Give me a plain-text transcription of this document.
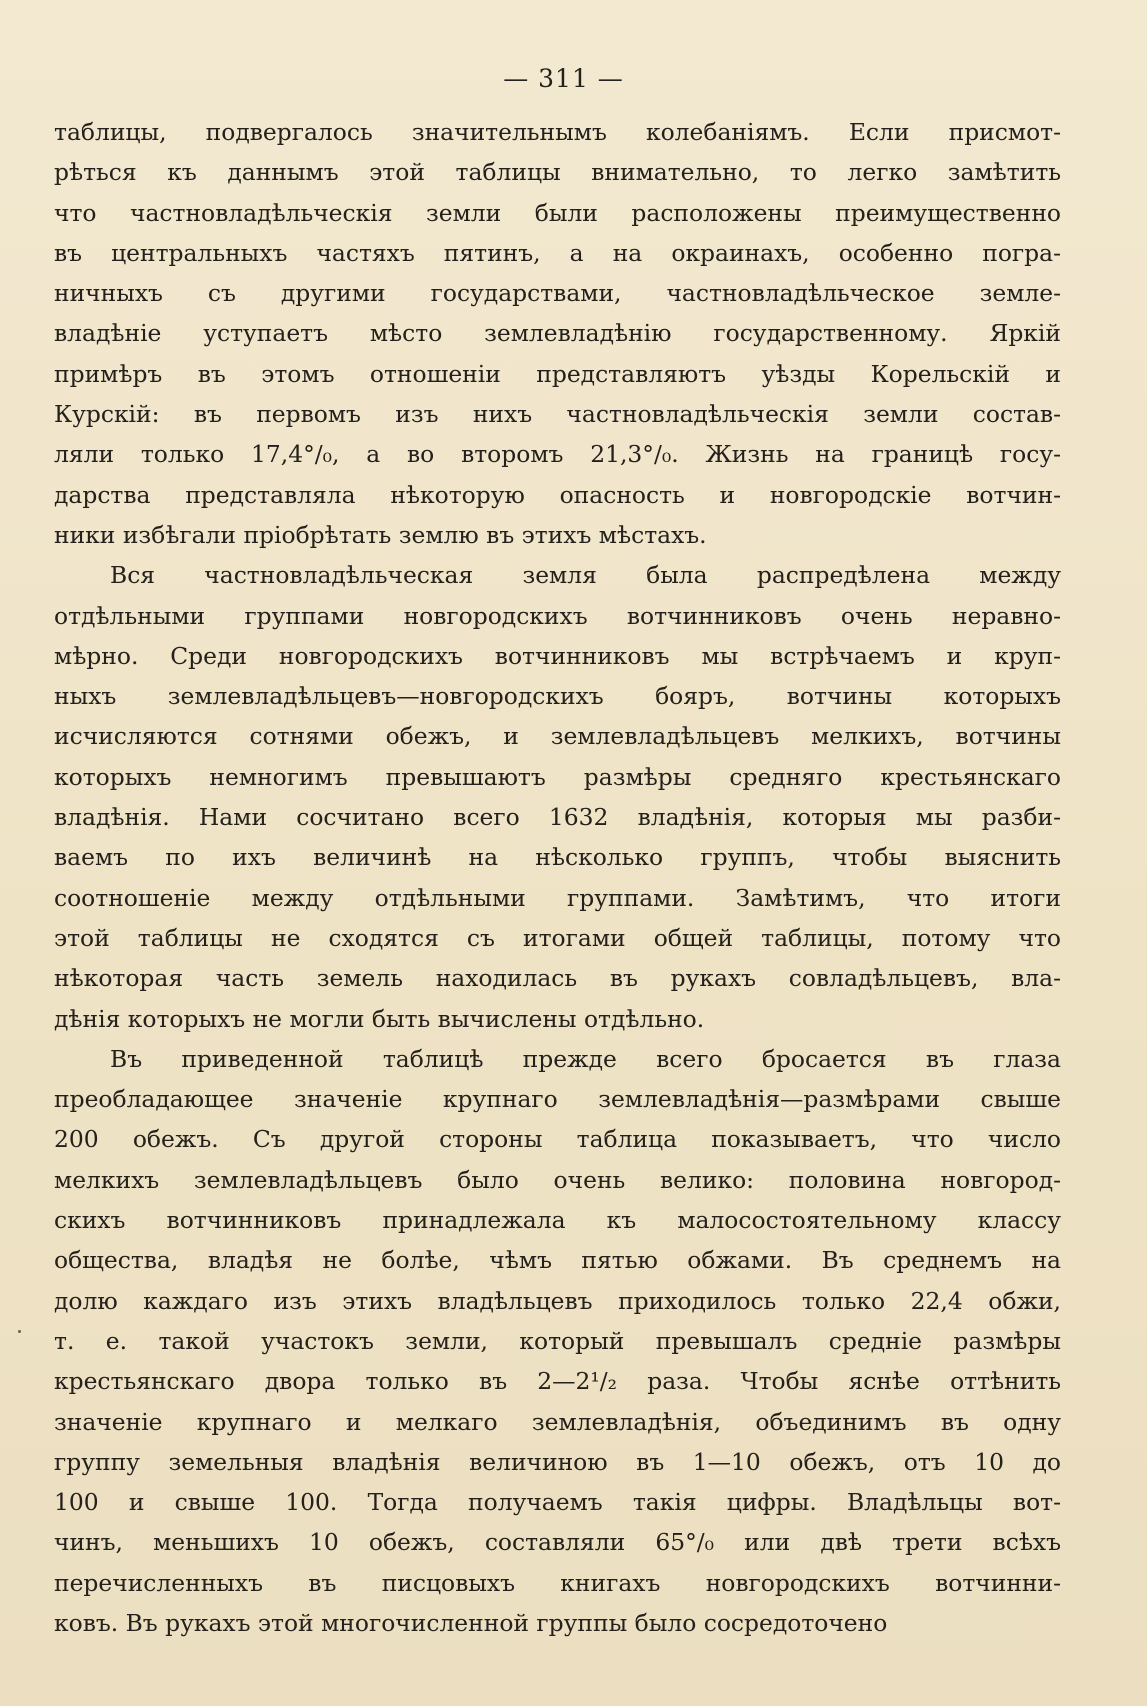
— 311 —
таблицы, подвергалось значительнымъ колебаніямъ. Если присмот-
рѣться къ даннымъ этой таблицы внимательно, то легко замѣтить
что частновладѣльческія земли были расположены преимущественно
въ центральныхъ частяхъ пятинъ, а на окраинахъ, особенно погра-
ничныхъ съ другими государствами, частновладѣльческое земле-
владѣніе уступаетъ мѣсто землевладѣнію государственному. Яркій
примѣръ въ этомъ отношеніи представляютъ уѣзды Корельскій и
Курскій: въ первомъ изъ нихъ частновладѣльческія земли состав-
ляли только 17,4°/₀, а во второмъ 21,3°/₀. Жизнь на границѣ госу-
дарства представляла нѣкоторую опасность и новгородскіе вотчин-
ники избѣгали пріобрѣтать землю въ этихъ мѣстахъ.
Вся частновладѣльческая земля была распредѣлена между
отдѣльными группами новгородскихъ вотчинниковъ очень неравно-
мѣрно. Среди новгородскихъ вотчинниковъ мы встрѣчаемъ и круп-
ныхъ землевладѣльцевъ—новгородскихъ бояръ, вотчины которыхъ
исчисляются сотнями обежъ, и землевладѣльцевъ мелкихъ, вотчины
которыхъ немногимъ превышаютъ размѣры средняго крестьянскаго
владѣнія. Нами сосчитано всего 1632 владѣнія, которыя мы разби-
ваемъ по ихъ величинѣ на нѣсколько группъ, чтобы выяснить
соотношеніе между отдѣльными группами. Замѣтимъ, что итоги
этой таблицы не сходятся съ итогами общей таблицы, потому что
нѣкоторая часть земель находилась въ рукахъ совладѣльцевъ, вла-
дѣнія которыхъ не могли быть вычислены отдѣльно.
Въ приведенной таблицѣ прежде всего бросается въ глаза
преобладающее значеніе крупнаго землевладѣнія—размѣрами свыше
200 обежъ. Съ другой стороны таблица показываетъ, что число
мелкихъ землевладѣльцевъ было очень велико: половина новгород-
скихъ вотчинниковъ принадлежала къ малосостоятельному классу
общества, владѣя не болѣе, чѣмъ пятью обжами. Въ среднемъ на
долю каждаго изъ этихъ владѣльцевъ приходилось только 22,4 обжи,
т. е. такой участокъ земли, который превышалъ средніе размѣры
крестьянскаго двора только въ 2—2¹/₂ раза. Чтобы яснѣе оттѣнить
значеніе крупнаго и мелкаго землевладѣнія, объединимъ въ одну
группу земельныя владѣнія величиною въ 1—10 обежъ, отъ 10 до
100 и свыше 100. Тогда получаемъ такія цифры. Владѣльцы вот-
чинъ, меньшихъ 10 обежъ, составляли 65°/₀ или двѣ трети всѣхъ
перечисленныхъ въ писцовыхъ книгахъ новгородскихъ вотчинни-
ковъ. Въ рукахъ этой многочисленной группы было сосредоточено
